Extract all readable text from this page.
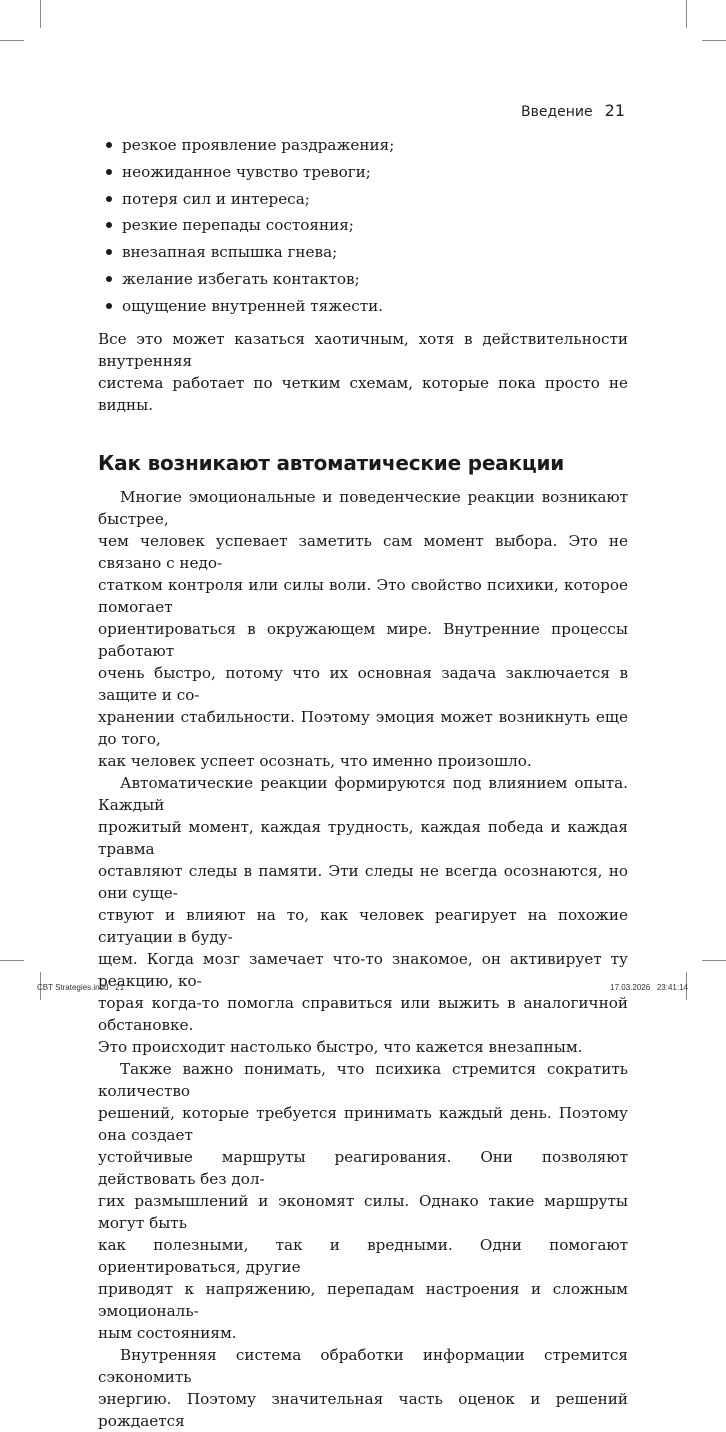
Введение 21
резкое проявление раздражения;
неожиданное чувство тревоги;
потеря сил и интереса;
резкие перепады состояния;
внезапная вспышка гнева;
желание избегать контактов;
ощущение внутренней тяжести.

Все это может казаться хаотичным, хотя в действительности внутренняя
система работает по четким схемам, которые пока просто не видны.

Как возникают автоматические реакции

Многие эмоциональные и поведенческие реакции возникают быстрее,
чем человек успевает заметить сам момент выбора. Это не связано с недо-
статком контроля или силы воли. Это свойство психики, которое помогает
ориентироваться в окружающем мире. Внутренние процессы работают
очень быстро, потому что их основная задача заключается в защите и со-
хранении стабильности. Поэтому эмоция может возникнуть еще до того,
как человек успеет осознать, что именно произошло.

Автоматические реакции формируются под влиянием опыта. Каждый
прожитый момент, каждая трудность, каждая победа и каждая травма
оставляют следы в памяти. Эти следы не всегда осознаются, но они суще-
ствуют и влияют на то, как человек реагирует на похожие ситуации в буду-
щем. Когда мозг замечает что-то знакомое, он активирует ту реакцию, ко-
торая когда-то помогла справиться или выжить в аналогичной обстановке.
Это происходит настолько быстро, что кажется внезапным.

Также важно понимать, что психика стремится сократить количество
решений, которые требуется принимать каждый день. Поэтому она создает
устойчивые маршруты реагирования. Они позволяют действовать без дол-
гих размышлений и экономят силы. Однако такие маршруты могут быть
как полезными, так и вредными. Одни помогают ориентироваться, другие
приводят к напряжению, перепадам настроения и сложным эмоциональ-
ным состояниям.

Внутренняя система обработки информации стремится сэкономить
энергию. Поэтому значительная часть оценок и решений рождается

CBT Strategies.indd   21	17.03.2026   23:41:14
